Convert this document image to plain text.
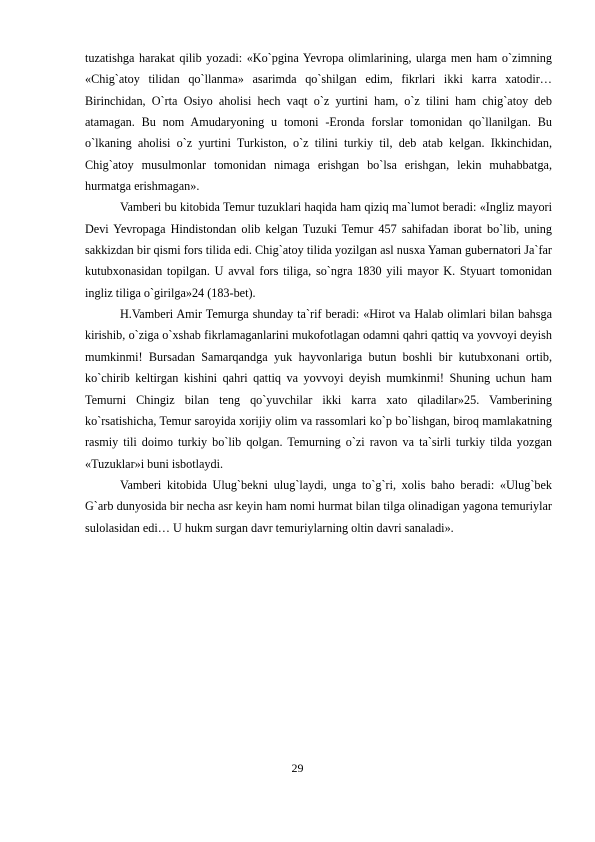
tuzatishga harakat qilib yozadi: «Ko`pgina Yevropa olimlarining, ularga men ham o`zimning «Chig`atoy tilidan qo`llanma» asarimda qo`shilgan edim, fikrlari ikki karra xatodir… Birinchidan, O`rta Osiyo aholisi hech vaqt o`z yurtini ham, o`z tilini ham chig`atoy deb atamagan. Bu nom Amudaryoning u tomoni -Eronda forslar tomonidan qo`llanilgan. Bu o`lkaning aholisi o`z yurtini Turkiston, o`z tilini turkiy til, deb atab kelgan. Ikkinchidan, Chig`atoy musulmonlar tomonidan nimaga erishgan bo`lsa erishgan, lekin muhabbatga, hurmatga erishmagan».

Vamberi bu kitobida Temur tuzuklari haqida ham qiziq ma`lumot beradi: «Ingliz mayori Devi Yevropaga Hindistondan olib kelgan Tuzuki Temur 457 sahifadan iborat bo`lib, uning sakkizdan bir qismi fors tilida edi. Chig`atoy tilida yozilgan asl nusxa Yaman gubernatori Ja`far kutubxonasidan topilgan. U avval fors tiliga, so`ngra 1830 yili mayor K. Styuart tomonidan ingliz tiliga o`girilga»24 (183-bet).

H.Vamberi Amir Temurga shunday ta`rif beradi: «Hirot va Halab olimlari bilan bahsga kirishib, o`ziga o`xshab fikrlamaganlarini mukofotlagan odamni qahri qattiq va yovvoyi deyish mumkinmi! Bursadan Samarqandga yuk hayvonlariga butun boshli bir kutubxonani ortib, ko`chirib keltirgan kishini qahri qattiq va yovvoyi deyish mumkinmi! Shuning uchun ham Temurni Chingiz bilan teng qo`yuvchilar ikki karra xato qiladilar»25. Vamberining ko`rsatishicha, Temur saroyida xorijiy olim va rassomlari ko`p bo`lishgan, biroq mamlakatning rasmiy tili doimo turkiy bo`lib qolgan. Temurning o`zi ravon va ta`sirli turkiy tilda yozgan «Tuzuklar»i buni isbotlaydi.

Vamberi kitobida Ulug`bekni ulug`laydi, unga to`g`ri, xolis baho beradi: «Ulug`bek G`arb dunyosida bir necha asr keyin ham nomi hurmat bilan tilga olinadigan yagona temuriylar sulolasidan edi… U hukm surgan davr temuriylarning oltin davri sanaladi».

29
